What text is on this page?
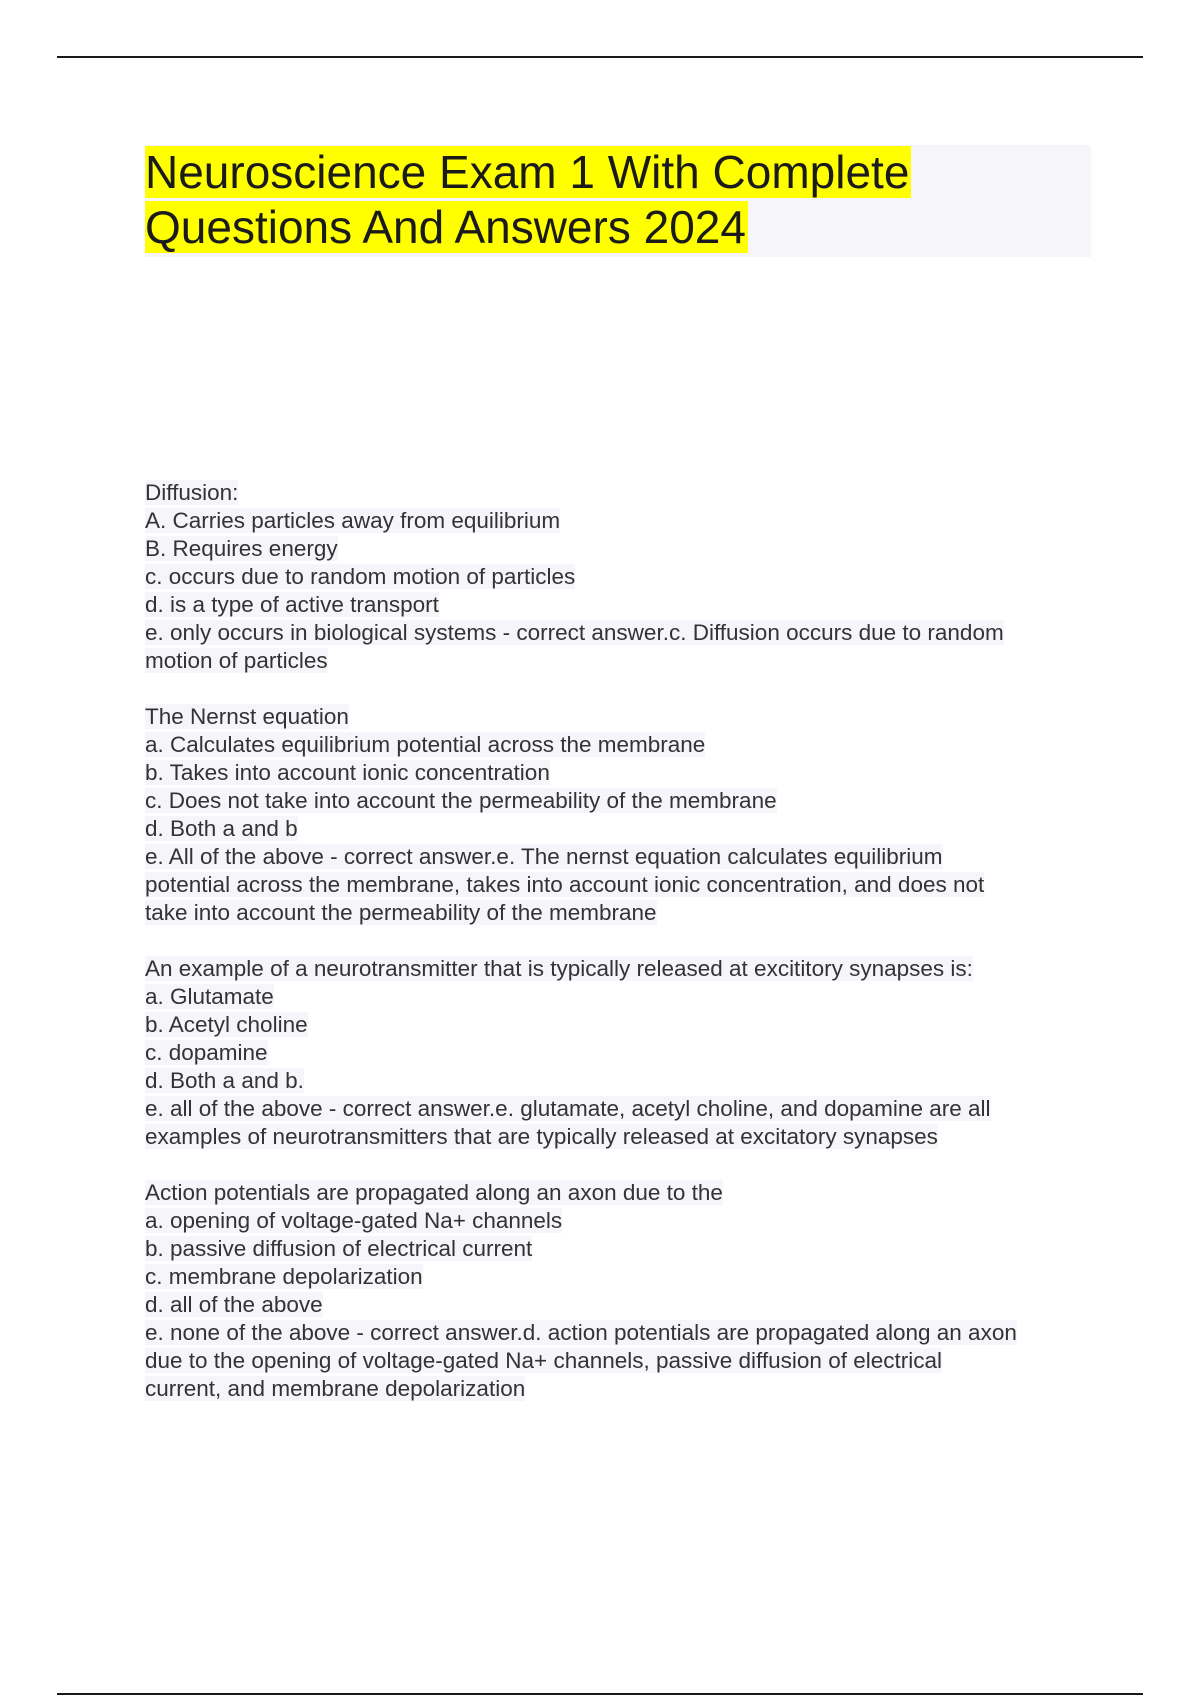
Neuroscience Exam 1 With Complete
Questions And Answers 2024
Diffusion:
A. Carries particles away from equilibrium
B. Requires energy
c. occurs due to random motion of particles
d. is a type of active transport
e. only occurs in biological systems - correct answer.c. Diffusion occurs due to random
motion of particles
The Nernst equation
a. Calculates equilibrium potential across the membrane
b. Takes into account ionic concentration
c. Does not take into account the permeability of the membrane
d. Both a and b
e. All of the above - correct answer.e. The nernst equation calculates equilibrium
potential across the membrane, takes into account ionic concentration, and does not
take into account the permeability of the membrane
An example of a neurotransmitter that is typically released at excititory synapses is:
a. Glutamate
b. Acetyl choline
c. dopamine
d. Both a and b.
e. all of the above - correct answer.e. glutamate, acetyl choline, and dopamine are all
examples of neurotransmitters that are typically released at excitatory synapses
Action potentials are propagated along an axon due to the
a. opening of voltage-gated Na+ channels
b. passive diffusion of electrical current
c. membrane depolarization
d. all of the above
e. none of the above - correct answer.d. action potentials are propagated along an axon
due to the opening of voltage-gated Na+ channels, passive diffusion of electrical
current, and membrane depolarization
